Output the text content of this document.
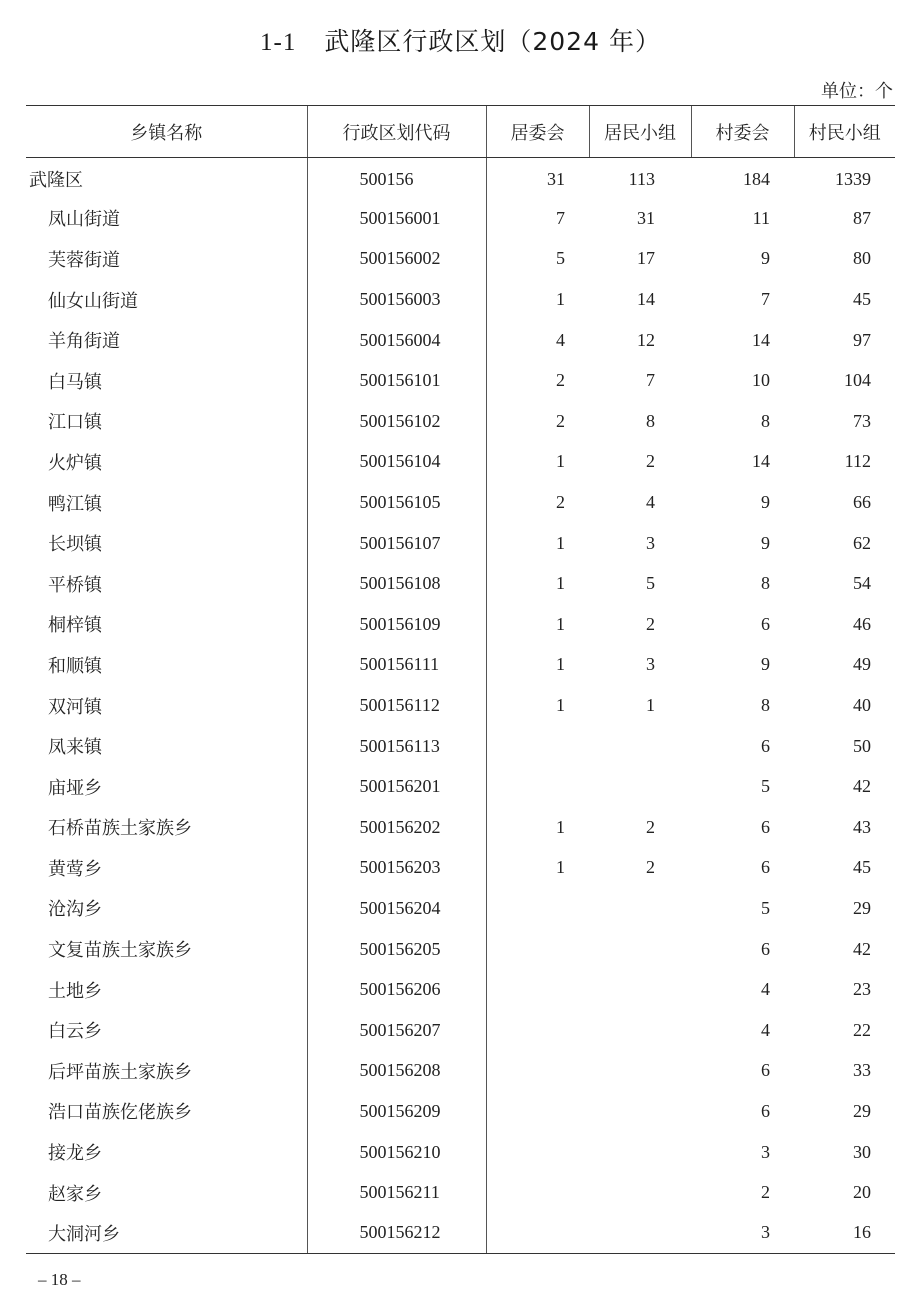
1-1 武隆区行政区划（2024 年）
单位：个
乡镇名称	行政区划代码	居委会	居民小组	村委会	村民小组
武隆区	500156	31	113	184	1339
凤山街道	500156001	7	31	11	87
芙蓉街道	500156002	5	17	9	80
仙女山街道	500156003	1	14	7	45
羊角街道	500156004	4	12	14	97
白马镇	500156101	2	7	10	104
江口镇	500156102	2	8	8	73
火炉镇	500156104	1	2	14	112
鸭江镇	500156105	2	4	9	66
长坝镇	500156107	1	3	9	62
平桥镇	500156108	1	5	8	54
桐梓镇	500156109	1	2	6	46
和顺镇	500156111	1	3	9	49
双河镇	500156112	1	1	8	40
凤来镇	500156113			6	50
庙垭乡	500156201			5	42
石桥苗族土家族乡	500156202	1	2	6	43
黄莺乡	500156203	1	2	6	45
沧沟乡	500156204			5	29
文复苗族土家族乡	500156205			6	42
土地乡	500156206			4	23
白云乡	500156207			4	22
后坪苗族土家族乡	500156208			6	33
浩口苗族仡佬族乡	500156209			6	29
接龙乡	500156210			3	30
赵家乡	500156211			2	20
大洞河乡	500156212			3	16
– 18 –
